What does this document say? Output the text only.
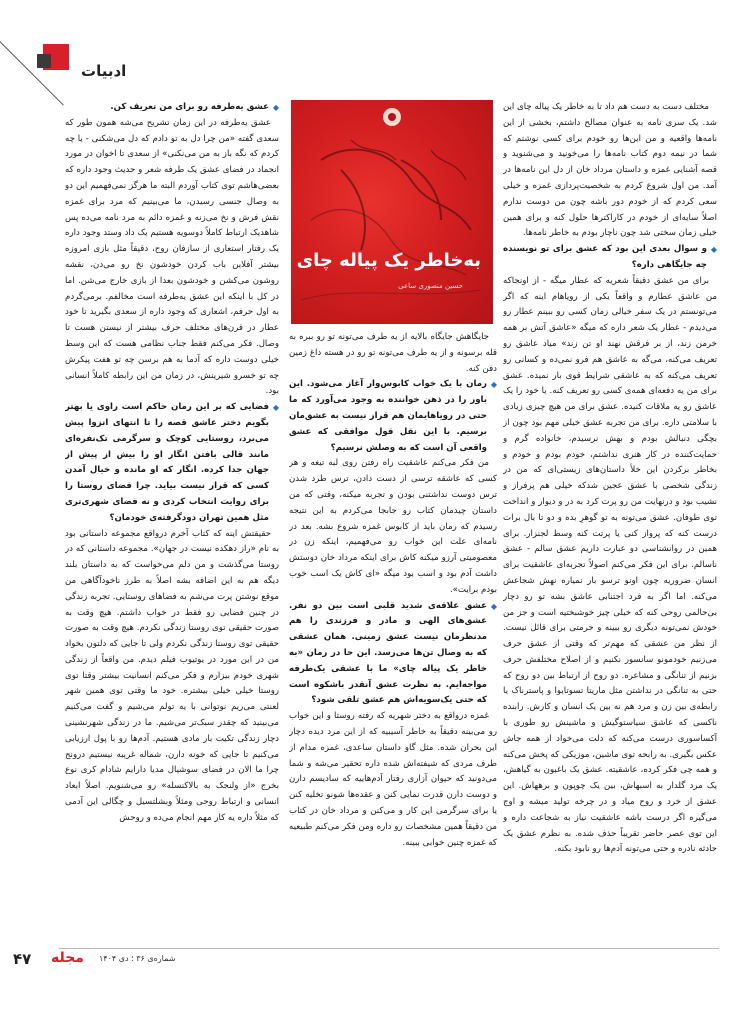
ادبیات
به‌خاطر یک پیاله چای
حسین منصوری ساعی

مختلف دست به دست هم داد تا به خاطر یک پیاله چای این شد. یک سری نامه به عنوان مصالح داشتم، بخشی از این نامه‌ها واقعیه و من این‌ها رو خودم برای کسی نوشتم که شما در نیمه دوم کتاب نامه‌ها را می‌خونید و می‌شنوید و قصه آشنایی غمزه و داستان مرداد خان از دل این نامه‌ها در آمد. من اول شروع کردم به شخصیت‌پردازی غمزه و خیلی سعی کردم که از خودم دور باشه چون من دوست ندارم اصلاً سایه‌ای از خودم در کاراکتر‌ها حلول کنه و برای همین خیلی زمان سختی شد چون ناچار بودم به خاطر نامه‌ها.

◆ و سوال بعدی این بود که عشق برای تو نویسنده چه جایگاهی داره؟

برای من عشق دقیقاً شعریه که عطار میگه - از اونجاکه من عاشق عطارم و واقعاً یکی از رویاهام اینه که اگر می‌تونستم در یک سفر خیالی زمان کسی رو ببینم عطار رو می‌دیدم - عطار یک شعر داره که میگه «عاشق آتش بر همه خرمن زند، از بر فرقش نهند او تن زند» میاد عاشق رو تعریف می‌کنه، می‌گه به عاشق هم فرو نمی‌ده و کسانی رو تعریف می‌کنه که به عاشقی شرایط قوی بار نمیده. عشق برای من یه دفعه‌ای همه‌ی کسی رو تعریف کنه. یا خود را یک عاشق رو یه ملاقات کنیده. عشق برای من هیچ چیزی زیادی با سلامتی داره. برای من تجربه عشق خیلی مهم بود چون از بچگی دنبالش بودم و بهش نرسیدم، خانواده گرم و حمایت‌کننده در کار هنری نداشتم، خودم بودم و خودم و بخاطر برکردن این خلأ داستان‌های زیستی‌ای که من در زندگی شخصی با عشق عجین شدکه خیلی هم پرفراز و نشیب بود و درنهایت من رو پرت کرد به در و دیوار و انداخت توی طوفان. عشق می‌تونه به تو گوهرِ بده و دو تا بال برات درست کنه که پرواز کنی یا پرتت کنه وسط لجنزار. برای همین در روانشناسی دو عبارت داریم عشق سالم - عشق ناسالم. برای این فکر می‌کنم اصولاً تجربه‌ای عاشقیت برای انسان ضروریه چون اونو ترسو بار نمیاره نهش شجاعش می‌کنه. اما اگر به فرد اجتنابی عاشق بشه تو رو دچار بی‌حالمی روحی کنه که خیلی چیز خوشبختیه است و جز من خودش نمی‌تونه دیگری رو ببینه و حرمتی برای قائل نیست. از نظر من عشقی که مهم‌تر که وقتی از عشق حرف می‌زنیم خودمونو سانسور نکنیم و از اصلاح مختلفش حرف بزنیم از تنانگی و مشاعره. دو روح از ارتباط بین دو روح که حتی به تنانگی در نداشتن مثل ماریتا تسوتایوا و پاسترناک یا رابطه‌ی بین زن و مرد هم نه بین یک انسان و کارش. رابنده ناکسی که عاشق سیاستوگیش و ماشینش رو طوری با آکساسوری درست می‌کنه که دلت می‌خواد از همه جاش عکس بگیری. به رابحه توی ماشین، موزیکی که پخش می‌کنه و همه چی فکر کرده، عاشقیته. عشق یک باغبون به گیاهش، یک مرد گلدار به اسبهاش، بین یک چوپون و برههاش. این عشق از خرد و روح میاد و در چرخه تولید میشه و اوج می‌گیره اگر درست باشه عاشقیت نیاز به شجاعت داره و این توی عصر حاضر تقریباً حذف شده. به نظرم عشق یک حادثه نادره و حتی می‌تونه آدم‌ها رو نابود بکنه.

جایگاهش جایگاه بالایه از یه طرف می‌تونه تو رو ببره به قله برسونه و از یه طرف می‌تونه تو رو در هسته داغ زمین دفن کنه.

◆ رمان با یک خواب کابوس‌وار آغاز می‌شود. این باور را در ذهن خواننده به وجود می‌آورد که ما حتی در رویاهایمان هم قرار نیست به عشق‌مان برسیم. با این نقل قول موافقی که عشق واقعی آن است که به وصلش نرسیم؟

من فکر می‌کنم عاشقیت راه رفتن روی لبه تیغه و هر کسی که عاشقه ترسی از دست دادن، ترس طرد شدن ترس دوست نداشتنی بودن و تجربه میکنه، وقتی که من داستان چیدمان کتاب رو جابجا می‌کردم به این نتیجه رسیدم که رمان باید از کابوس غمزه شروع بشه. بعد در نامه‌ای علت این خواب رو می‌فهمیم، اینکه زن در معصومیتی آرزو میکنه کاش برای اینکه مرداد خان دوستش داشت آدم بود و اسب بود میگه «ای کاش یک اسب خوب بودم برایت».

◆ عشق علاقه‌ی شدید قلبی است بین دو نفر. عشق‌های الهی و مادر و فرزندی را هم مدنظرمان نیست‌ عشق زمینی. همان عشقی که به وصال تن‌ها می‌رسد. این حا در رمان «به خاطر یک پیاله چای» ما با عشقی یک‌طرفه مواجه‌ایم. به نظرت عشق آنقدر باشکوه است که حتی یک‌سویه‌اش هم عشق تلقی شود؟

غمزه درواقع به دختر شهریه که رفته روستا و این خواب رو می‌بینه دقیقاً به خاطر آسیبیه که از این مرد دیده دچار این بحران شده. مثل گاو داستان ساعدی، غمزه مدام از طرف مردی که شیفته‌اش شده داره تحقیر می‌شه و شما می‌دونید که حیوان آزاری رفتار آدم‌هاییه که سادیسم دارن و دوست دارن قدرت نمایی کنن و عقده‌ها شونو تخلیه کنن یا برای سرگرمی این کار و می‌کنن و مرداد خان در کتاب من دقیقاً همین مشخصات رو داره ومن فکر می‌کنم طبیعیه که غمزه چنین خوابی ببینه.

◆ عشق یه‌طرفه رو برای من تعریف کن.

عشق یه‌طرفه در این زمان تشریح می‌شه همون طور که سعدی گفته «من چرا دل به تو دادم که دل می‌شکنی - یا چه کردم که نگه باز به من می‌نکنی» از سعدی تا اخوان در مورد انجماد در فضای عشق یک طرفه شعر و حدیث وجود داره که بعضی‌هاشم توی کتاب آوردم البته ما هرگز نمی‌فهمیم این دو به وصال جنسی رسیدن، ما می‌بینیم که مرد برای غمزه نقش فرش و نخ می‌زنه و غمزه دائم به مرد نامه می‌ده پس شاهدیک ارتباط کاملاً دوسویه هستیم یک داد وستد وجود داره یک رفتار استعاری از سازفان روح، دقیقاً مثل بازی امروزه بیشتر آفلاین باب کردن خودشون نخ رو می‌دن، نقشه روشون می‌کشن و خودشون بعدا از بازی خارج می‌شن. اما در کل با اینکه این عشق یه‌طرفه است مخالفم. برمی‌گردم به اول حرفم، اشعاری که وجود داره از سعدی بگیرید تا خود عطار در قرن‌های مختلف حرف بیشتر از نیستن هست تا وصال. فکر می‌کنم فقط جناب نظامی هست که این وسط خیلی دوست داره که آدما به هم برسن چه تو هفت پیکرش چه تو خسرو شیرینش، در زمان من این رابطه کاملاً انسانی بود.

◆ فضایی که بر این رمان حاکم است راوی یا بهتر بگویم دختر عاشق قصه را تا انتهای انزوا پیش می‌برد، روستایی کوچک و سرگرمی تک‌نفره‌ای مانند قالی بافتن انگار او را بیش از پیش از جهان جدا کرده. انگار که او مانده و خیال آمدن کسی که قرار نیست بیاید. چرا فضای روستا را برای روایت انتخاب کردی و نه فضای شهری‌تری مثل همین تهران دودگرفته‌ی خودمان؟

حقیقتش اینه که کتاب آخرم درواقع مجموعه داستانی بود به نام «راز دهکده نیست در جهان». مجموعه داستانی که در روستا می‌گذشت و من دلم می‌خواست که به داستان بلند دیگه هم به این اضافه بشه اصلاً به طرز ناخودآگاهی من موقع نوشتن پرت می‌شم به فضاهای روستایی. تجربه زندگی در چنین فضایی رو فقط در خواب داشتم. هیچ وقت به صورت حقیقی توی روستا زندگی نکردم. هیچ وقت به صورت حقیقی توی روستا زندگی نکردم ولی تا جایی که دلتون بخواد من در این مورد در یوتیوب فیلم دیدم. من واقعاً از زندگی شهری خودم بیزارم و فکر می‌کنم انسانیت بیشتر وقتا توی روستا خیلی خیلی بیشتره. خود ما وقتی توی همین شهر لعنتی می‌ریم نوتوانی با یه تولم می‌شیم و گفت می‌کنیم می‌بینید که چقدر سبک‌تر می‌شیم. ما در زندگی شهرنشینی دچار زندگی تکیت بار مادی هستیم. آدم‌ها رو با پول ارزیابی می‌کنیم تا جایی که خونه دارن، شماله غریبه نیستیم درونج چرا ما الان در فضای سوشیال مدیا دارایم شادام کری نوع بخرج «از ولنجک به بالاکنسله» رو می‌شنویم. اصلاً ابعاد انسانی و ارتباط روحی ومثلاً وبشلتسیل و چگالی این آدمی که مثلاً داره یه کار مهم انجام می‌ده و روحش

۴۷ مجله شماره‌ی ۳۶ ؛ دی ۱۴۰۴
